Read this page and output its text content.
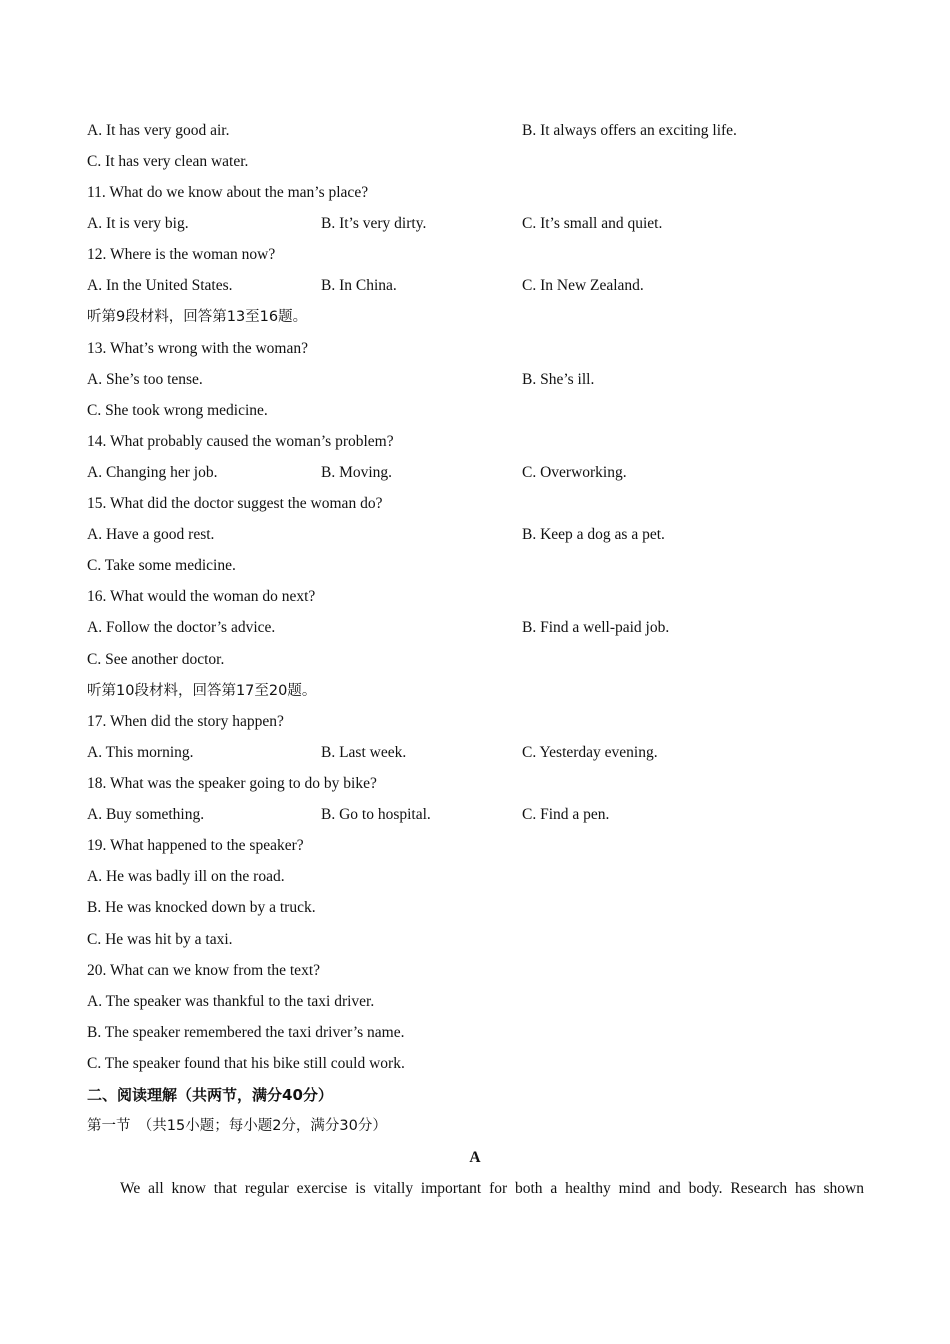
A. It has very good air.	B. It always offers an exciting life.
C. It has very clean water.
11. What do we know about the man’s place?
A. It is very big.	B. It’s very dirty.	C. It’s small and quiet.
12. Where is the woman now?
A. In the United States.	B. In China.	C. In New Zealand.
听第9段材料，回答第13至16题。
13. What’s wrong with the woman?
A. She’s too tense.	B. She’s ill.
C. She took wrong medicine.
14. What probably caused the woman’s problem?
A. Changing her job.	B. Moving.	C. Overworking.
15. What did the doctor suggest the woman do?
A. Have a good rest.	B. Keep a dog as a pet.
C. Take some medicine.
16. What would the woman do next?
A. Follow the doctor’s advice.	B. Find a well-paid job.
C. See another doctor.
听第10段材料，回答第17至20题。
17. When did the story happen?
A. This morning.	B. Last week.	C. Yesterday evening.
18. What was the speaker going to do by bike?
A. Buy something.	B. Go to hospital.	C. Find a pen.
19. What happened to the speaker?
A. He was badly ill on the road.
B. He was knocked down by a truck.
C. He was hit by a taxi.
20. What can we know from the text?
A. The speaker was thankful to the taxi driver.
B. The speaker remembered the taxi driver’s name.
C. The speaker found that his bike still could work.
二、阅读理解（共两节，满分40分）
第一节　（共15小题；每小题2分，满分30分）
A
We all know that regular exercise is vitally important for both a healthy mind and body. Research has shown
